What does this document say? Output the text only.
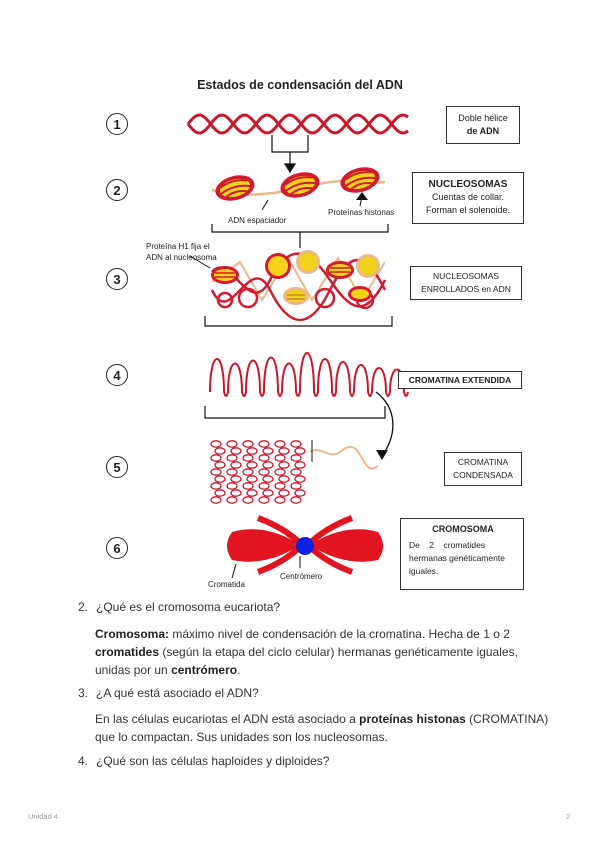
Estados de condensación del ADN
1
2
3
4
5
6
ADN espaciador
Proteínas histonas
Proteína H1 fija el
ADN al nucleosoma
Cromatida
Centrómero
Doble hélice
de ADN
NUCLEOSOMAS
Cuentas de collar.
Forman el solenoide.
NUCLEOSOMAS
ENROLLADOS en ADN
CROMATINA EXTENDIDA
CROMATINA
CONDENSADA
CROMOSOMA
De    2    cromatides
hermanas genéticamente
iguales.
2. ¿Qué es el cromosoma eucariota?
Cromosoma: máximo nivel de condensación de la cromatina. Hecha de 1 o 2 cromatides (según la etapa del ciclo celular) hermanas genéticamente iguales, unidas por un centrómero.
3. ¿A qué está asociado el ADN?
En las células eucariotas el ADN está asociado a proteínas histonas (CROMATINA) que lo compactan. Sus unidades son los nucleosomas.
4. ¿Qué son las células haploides y diploides?
Unidad 4	2
